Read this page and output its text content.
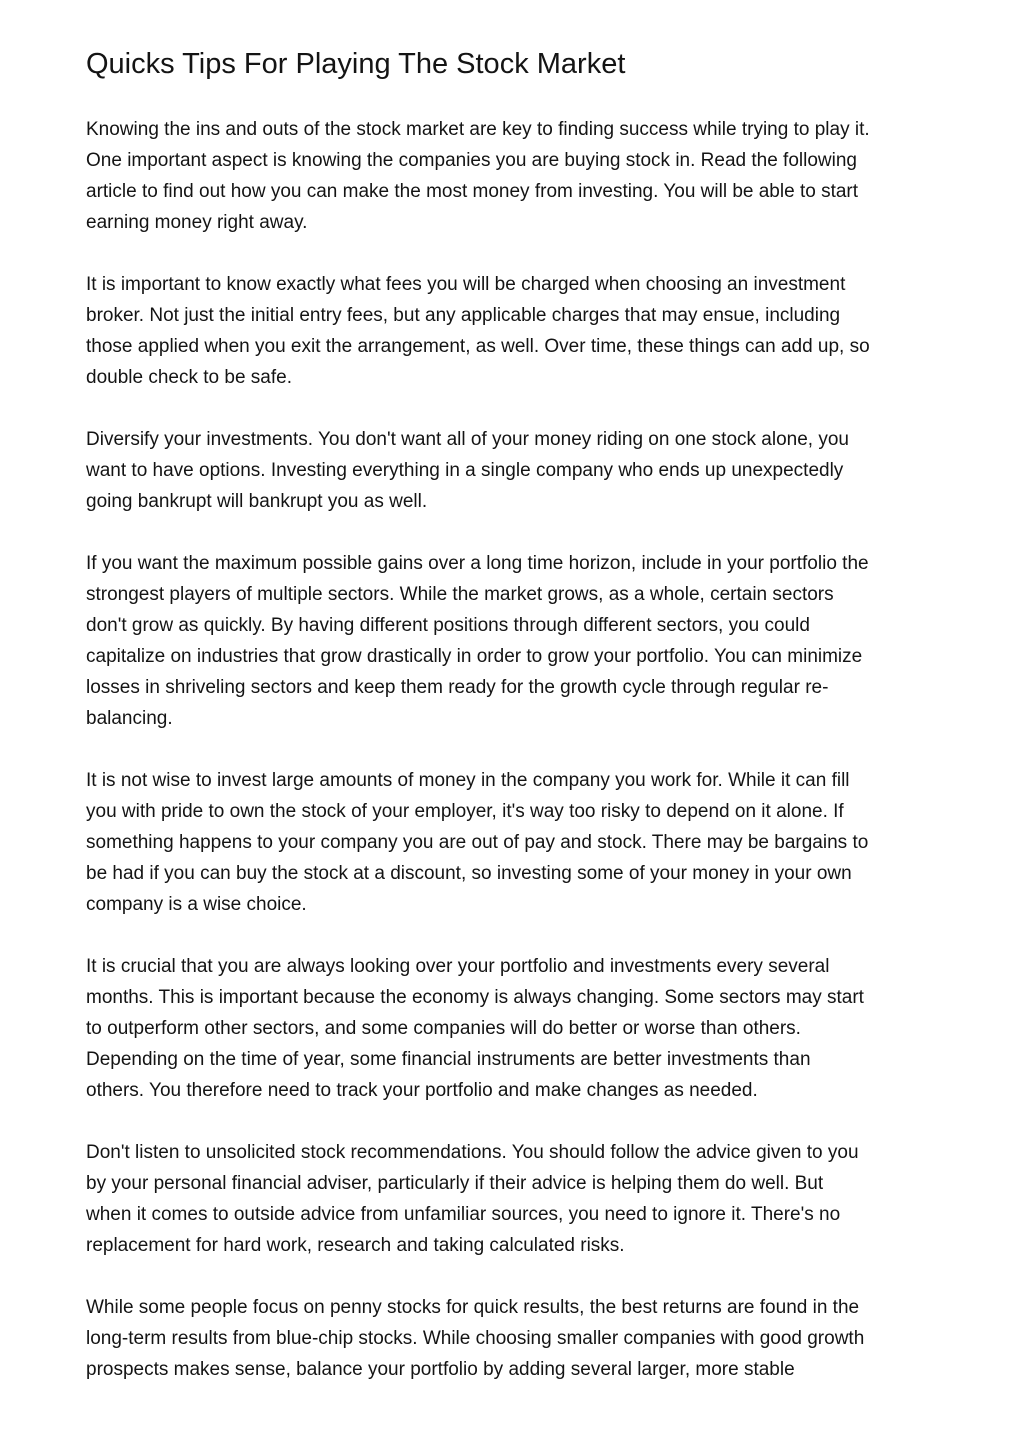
Quicks Tips For Playing The Stock Market

Knowing the ins and outs of the stock market are key to finding success while trying to play it.
One important aspect is knowing the companies you are buying stock in. Read the following
article to find out how you can make the most money from investing. You will be able to start
earning money right away.

It is important to know exactly what fees you will be charged when choosing an investment
broker. Not just the initial entry fees, but any applicable charges that may ensue, including
those applied when you exit the arrangement, as well. Over time, these things can add up, so
double check to be safe.

Diversify your investments. You don't want all of your money riding on one stock alone, you
want to have options. Investing everything in a single company who ends up unexpectedly
going bankrupt will bankrupt you as well.

If you want the maximum possible gains over a long time horizon, include in your portfolio the
strongest players of multiple sectors. While the market grows, as a whole, certain sectors
don't grow as quickly. By having different positions through different sectors, you could
capitalize on industries that grow drastically in order to grow your portfolio. You can minimize
losses in shriveling sectors and keep them ready for the growth cycle through regular re-
balancing.

It is not wise to invest large amounts of money in the company you work for. While it can fill
you with pride to own the stock of your employer, it's way too risky to depend on it alone. If
something happens to your company you are out of pay and stock. There may be bargains to
be had if you can buy the stock at a discount, so investing some of your money in your own
company is a wise choice.

It is crucial that you are always looking over your portfolio and investments every several
months. This is important because the economy is always changing. Some sectors may start
to outperform other sectors, and some companies will do better or worse than others.
Depending on the time of year, some financial instruments are better investments than
others. You therefore need to track your portfolio and make changes as needed.

Don't listen to unsolicited stock recommendations. You should follow the advice given to you
by your personal financial adviser, particularly if their advice is helping them do well. But
when it comes to outside advice from unfamiliar sources, you need to ignore it. There's no
replacement for hard work, research and taking calculated risks.

While some people focus on penny stocks for quick results, the best returns are found in the
long-term results from blue-chip stocks. While choosing smaller companies with good growth
prospects makes sense, balance your portfolio by adding several larger, more stable
